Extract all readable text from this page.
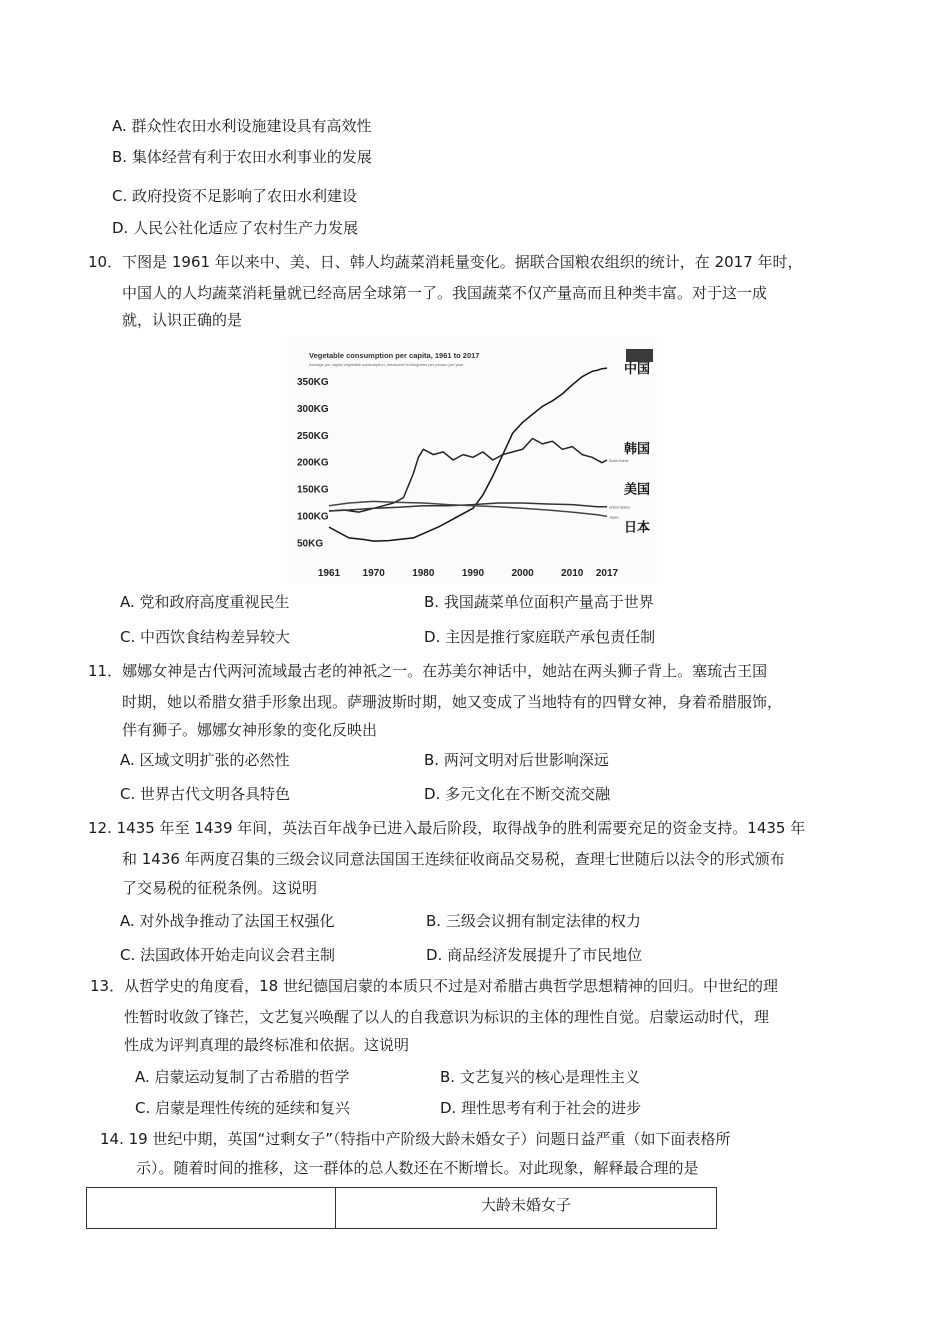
A. 群众性农田水利设施建设具有高效性
B. 集体经营有利于农田水利事业的发展
C. 政府投资不足影响了农田水利建设
D. 人民公社化适应了农村生产力发展
10．下图是 1961 年以来中、美、日、韩人均蔬菜消耗量变化。据联合国粮农组织的统计，在 2017 年时，
中国人的人均蔬菜消耗量就已经高居全球第一了。我国蔬菜不仅产量高而且种类丰富。对于这一成
就，认识正确的是
Vegetable consumption per capita, 1961 to 2017
Average per capita vegetable consumption, measured in kilograms per person per year
50KG
100KG
150KG
200KG
250KG
300KG
350KG
1961 1970	1980	1990	2000	2010 2017
中国
South Korea
韩国
United States
美国
Japan
日本
A. 党和政府高度重视民生	B. 我国蔬菜单位面积产量高于世界
C. 中西饮食结构差异较大	D. 主因是推行家庭联产承包责任制
11．娜娜女神是古代两河流域最古老的神祇之一。在苏美尔神话中，她站在两头狮子背上。塞琉古王国
时期，她以希腊女猎手形象出现。萨珊波斯时期，她又变成了当地特有的四臂女神，身着希腊服饰，
伴有狮子。娜娜女神形象的变化反映出
A. 区域文明扩张的必然性	B. 两河文明对后世影响深远
C. 世界古代文明各具特色	D. 多元文化在不断交流交融
12. 1435 年至 1439 年间，英法百年战争已进入最后阶段，取得战争的胜利需要充足的资金支持。1435 年
和 1436 年两度召集的三级会议同意法国国王连续征收商品交易税，查理七世随后以法令的形式颁布
了交易税的征税条例。这说明
A. 对外战争推动了法国王权强化	B. 三级会议拥有制定法律的权力
C. 法国政体开始走向议会君主制	D. 商品经济发展提升了市民地位
13．从哲学史的角度看，18 世纪德国启蒙的本质只不过是对希腊古典哲学思想精神的回归。中世纪的理
性暂时收敛了锋芒，文艺复兴唤醒了以人的自我意识为标识的主体的理性自觉。启蒙运动时代，理
性成为评判真理的最终标准和依据。这说明
A. 启蒙运动复制了古希腊的哲学	B. 文艺复兴的核心是理性主义
C. 启蒙是理性传统的延续和复兴	D. 理性思考有利于社会的进步
14. 19 世纪中期，英国“过剩女子”（特指中产阶级大龄未婚女子）问题日益严重（如下面表格所
示）。随着时间的推移，这一群体的总人数还在不断增长。对此现象，解释最合理的是
	大龄未婚女子
